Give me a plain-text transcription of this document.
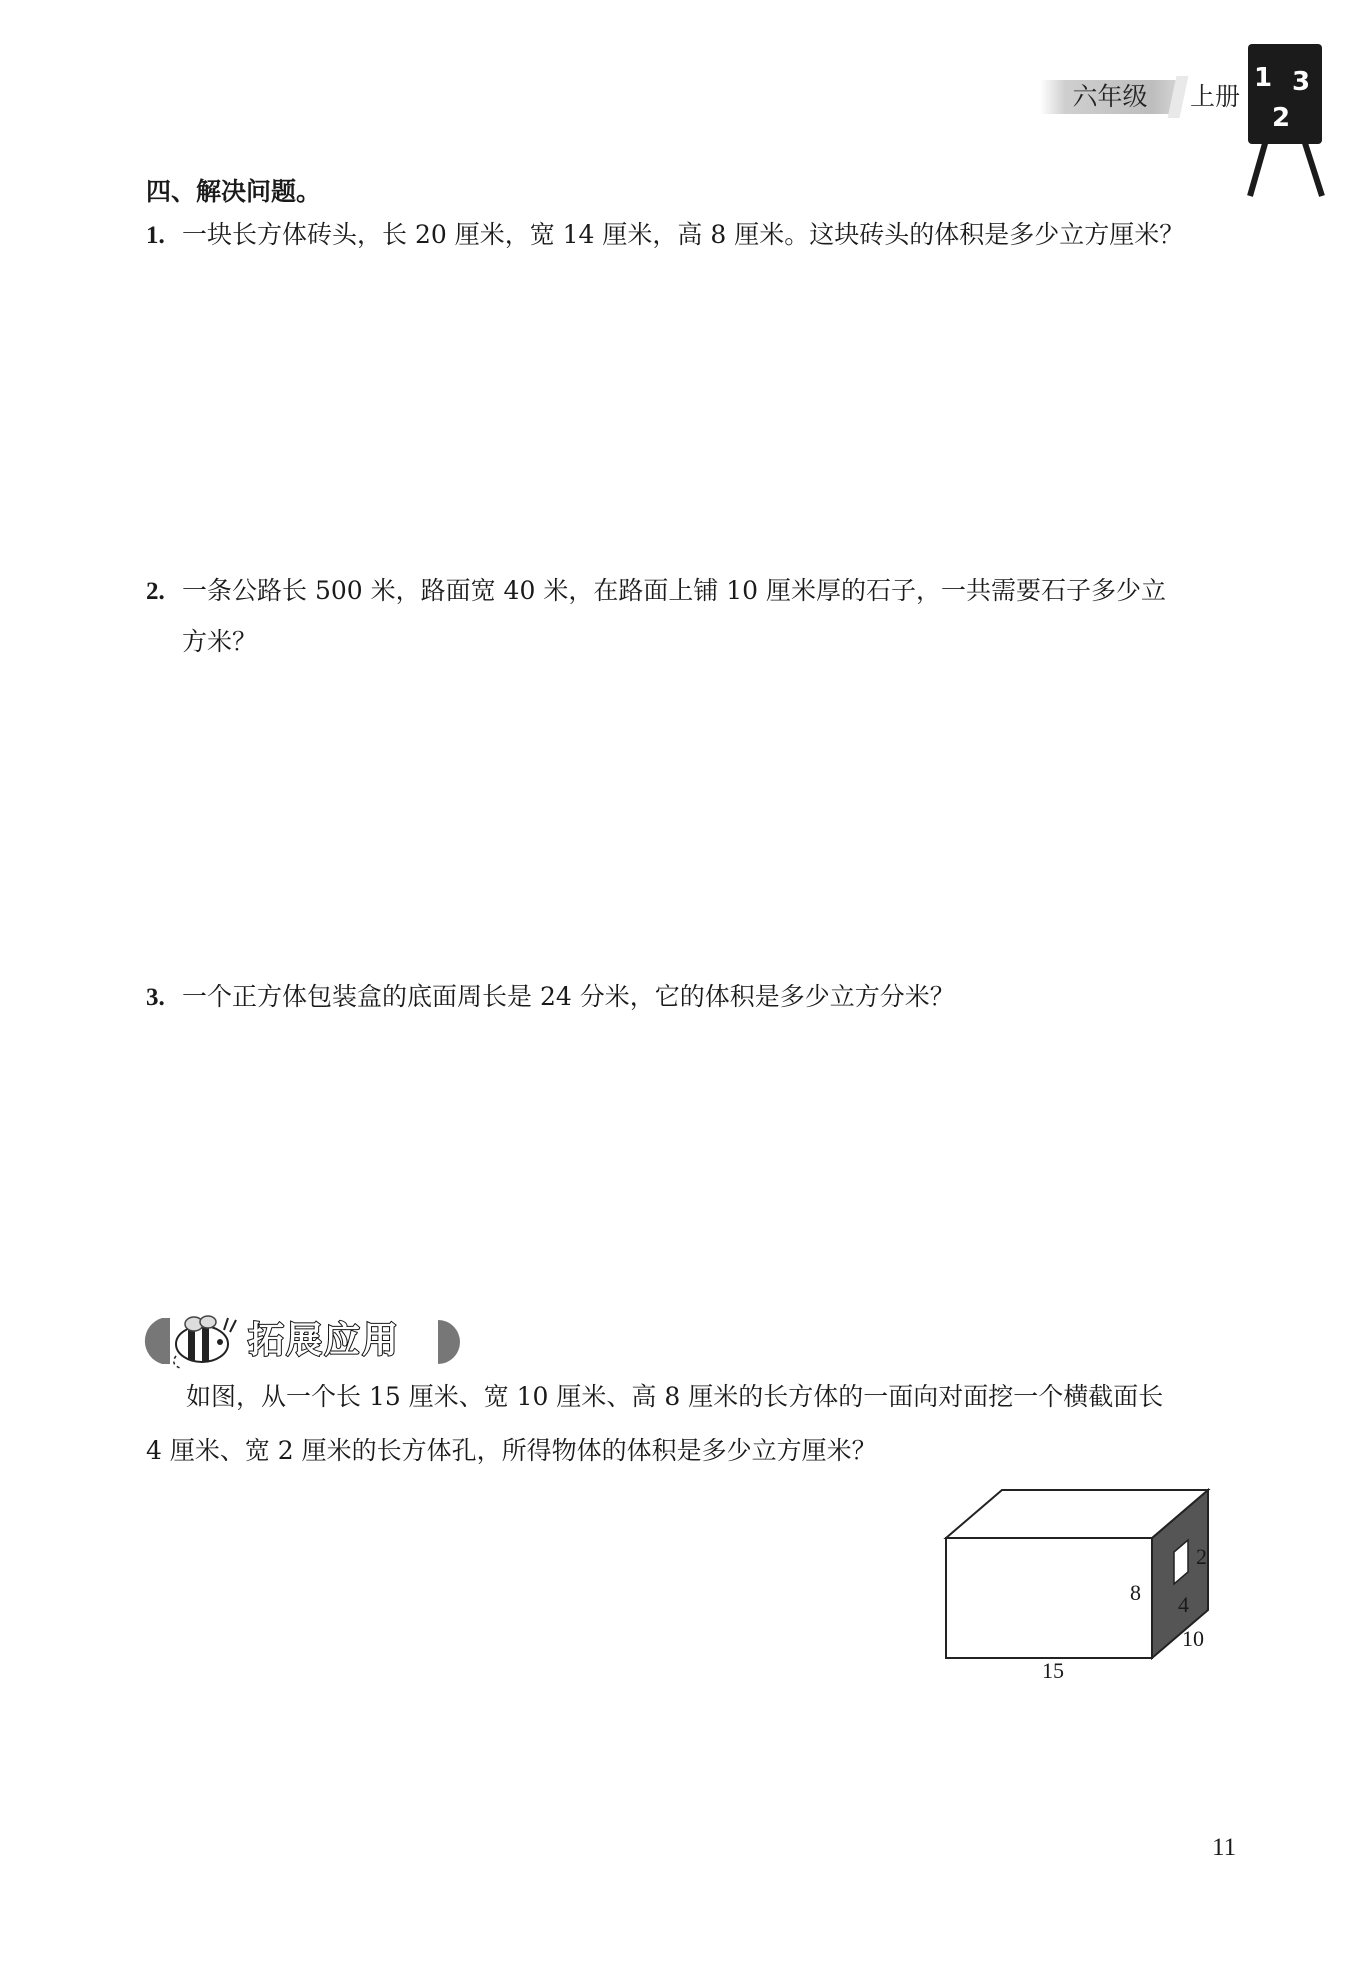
六年级	上册
1 3
2
四、解决问题。
1. 一块长方体砖头，长 20 厘米，宽 14 厘米，高 8 厘米。这块砖头的体积是多少立方厘米？
2. 一条公路长 500 米，路面宽 40 米，在路面上铺 10 厘米厚的石子，一共需要石子多少立
方米？
3. 一个正方体包装盒的底面周长是 24 分米，它的体积是多少立方分米？
拓展应用
如图，从一个长 15 厘米、宽 10 厘米、高 8 厘米的长方体的一面向对面挖一个横截面长
4 厘米、宽 2 厘米的长方体孔，所得物体的体积是多少立方厘米？
8
2
4
10
15
11
